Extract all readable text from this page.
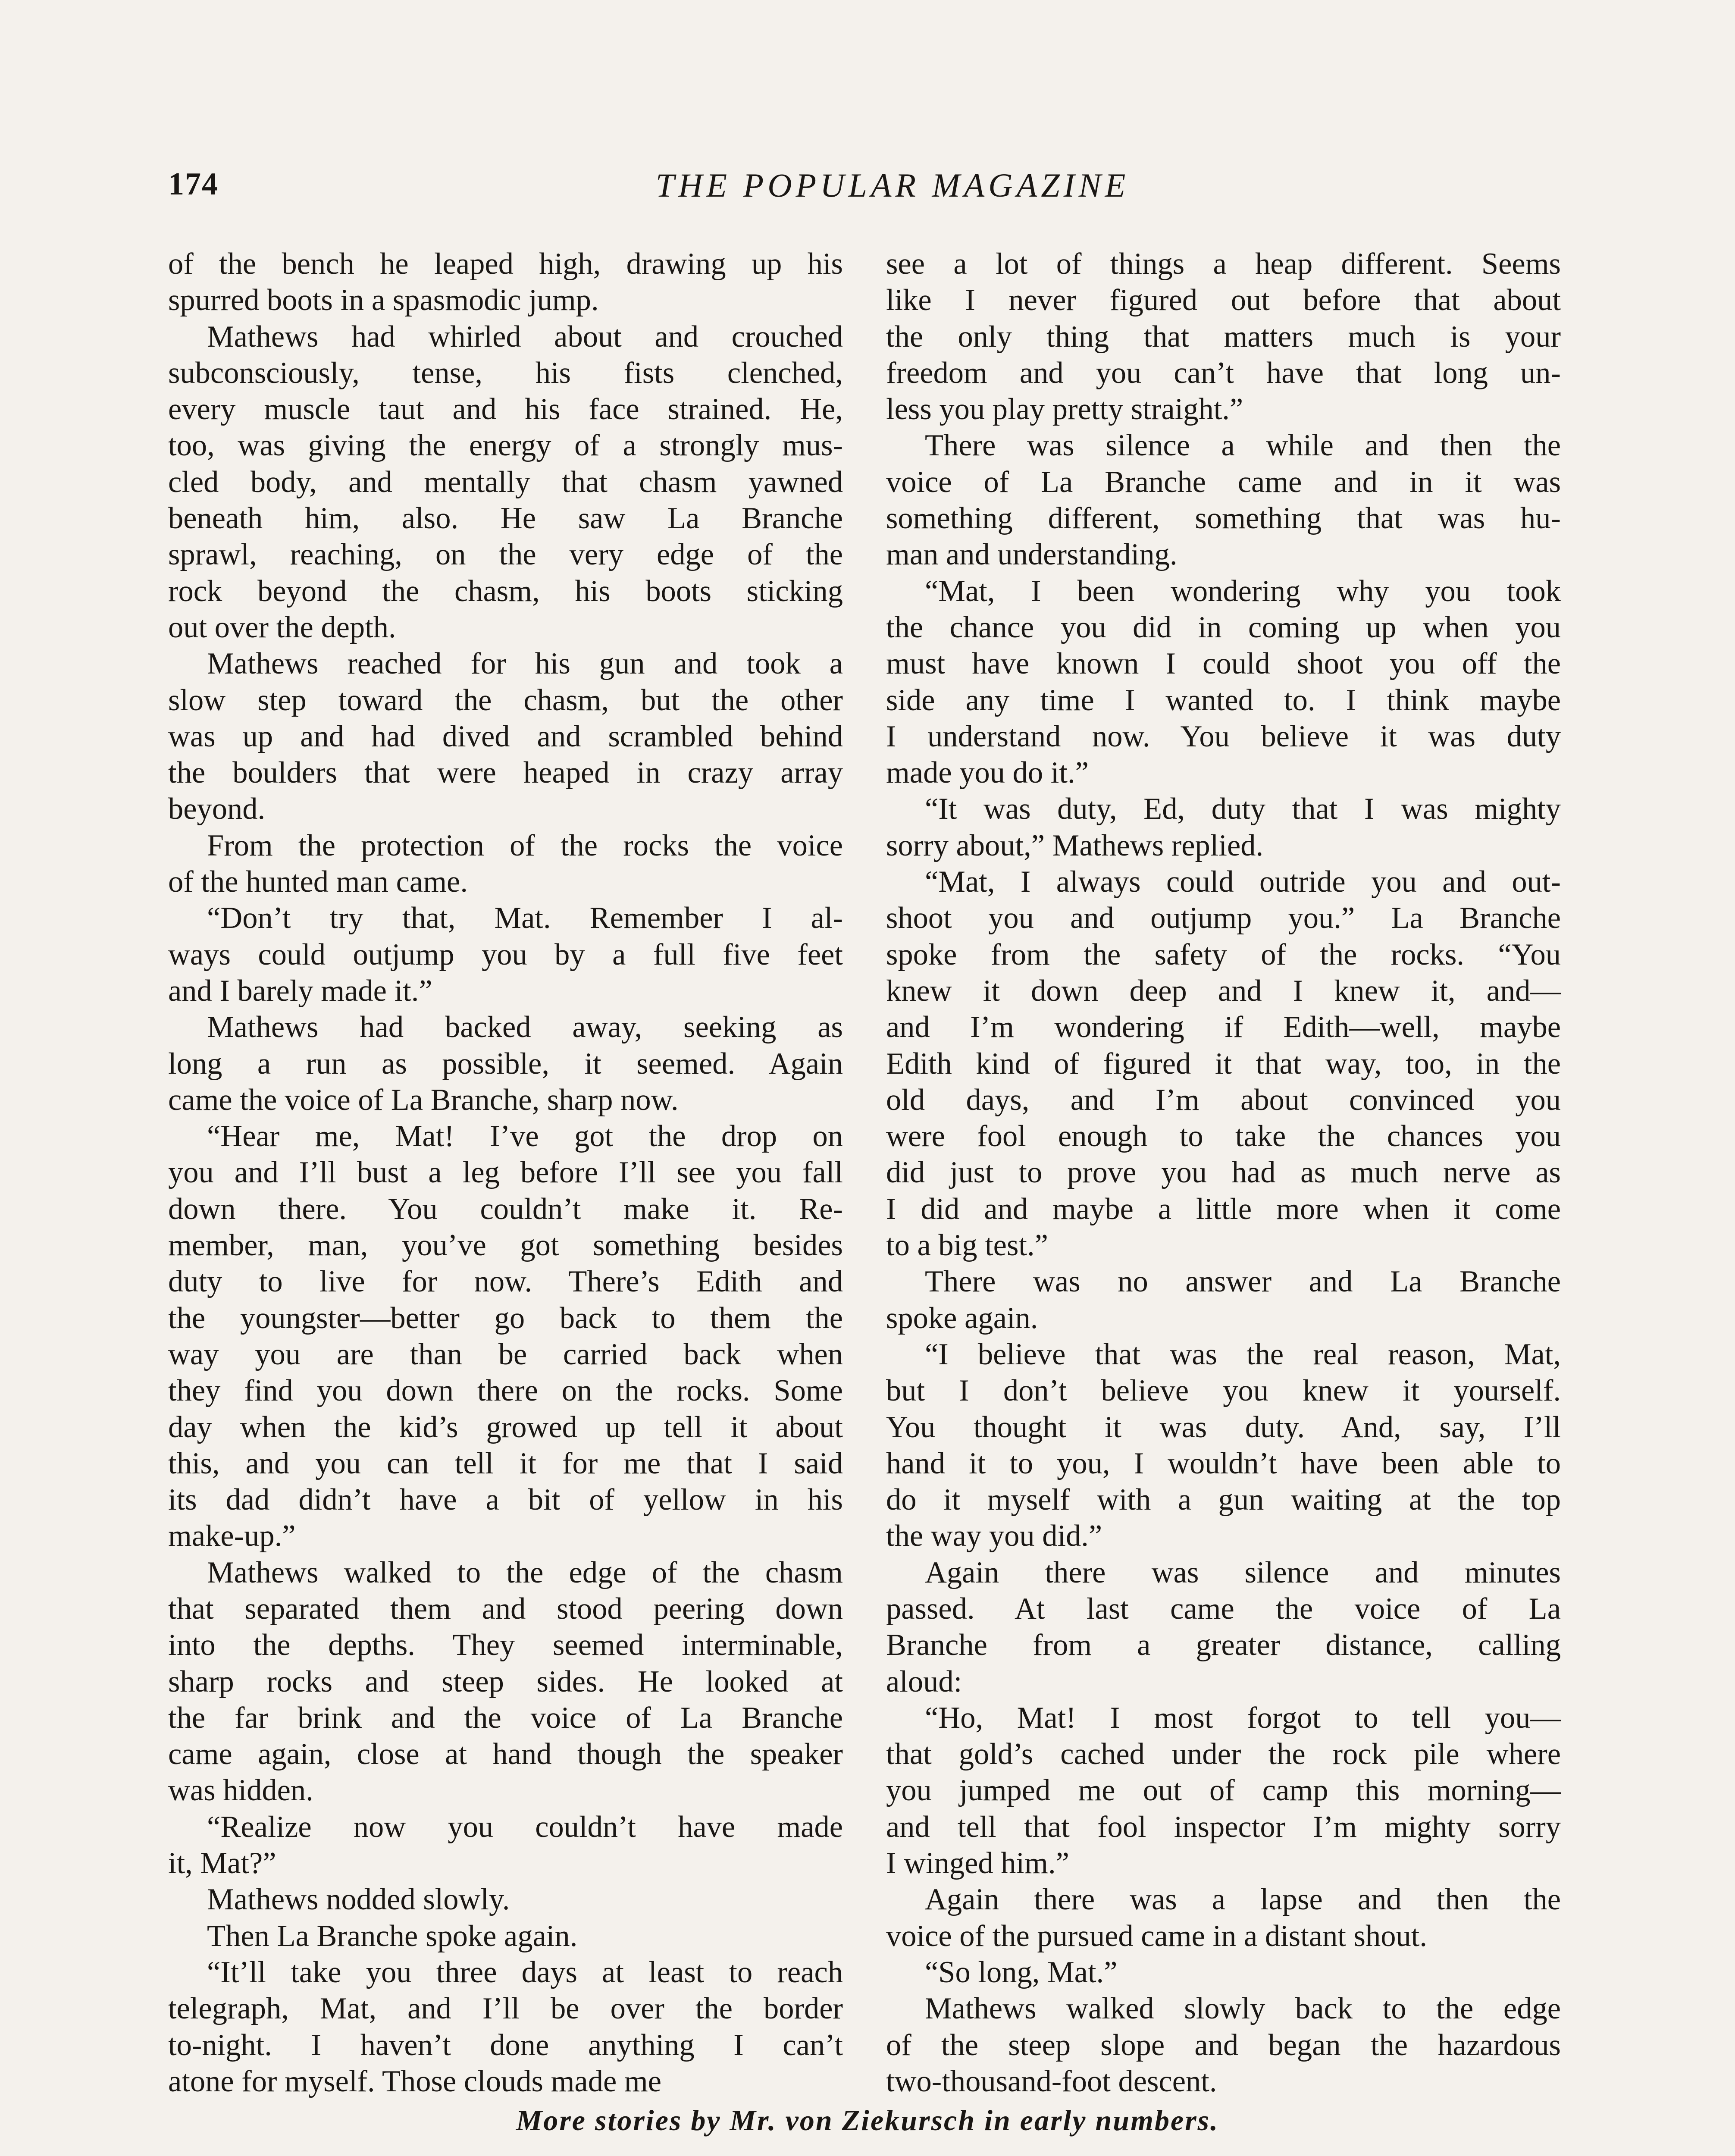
174	THE POPULAR MAGAZINE
of the bench he leaped high, drawing up his
spurred boots in a spasmodic jump.
Mathews had whirled about and crouched
subconsciously, tense, his fists clenched,
every muscle taut and his face strained. He,
too, was giving the energy of a strongly mus-
cled body, and mentally that chasm yawned
beneath him, also. He saw La Branche
sprawl, reaching, on the very edge of the
rock beyond the chasm, his boots sticking
out over the depth.
Mathews reached for his gun and took a
slow step toward the chasm, but the other
was up and had dived and scrambled behind
the boulders that were heaped in crazy array
beyond.
From the protection of the rocks the voice
of the hunted man came.
“Don’t try that, Mat. Remember I al-
ways could outjump you by a full five feet
and I barely made it.”
Mathews had backed away, seeking as
long a run as possible, it seemed. Again
came the voice of La Branche, sharp now.
“Hear me, Mat! I’ve got the drop on
you and I’ll bust a leg before I’ll see you fall
down there. You couldn’t make it. Re-
member, man, you’ve got something besides
duty to live for now. There’s Edith and
the youngster—better go back to them the
way you are than be carried back when
they find you down there on the rocks. Some
day when the kid’s growed up tell it about
this, and you can tell it for me that I said
its dad didn’t have a bit of yellow in his
make-up.”
Mathews walked to the edge of the chasm
that separated them and stood peering down
into the depths. They seemed interminable,
sharp rocks and steep sides. He looked at
the far brink and the voice of La Branche
came again, close at hand though the speaker
was hidden.
“Realize now you couldn’t have made
it, Mat?”
Mathews nodded slowly.
Then La Branche spoke again.
“It’ll take you three days at least to reach
telegraph, Mat, and I’ll be over the border
to-night. I haven’t done anything I can’t
atone for myself. Those clouds made me
see a lot of things a heap different. Seems
like I never figured out before that about
the only thing that matters much is your
freedom and you can’t have that long un-
less you play pretty straight.”
There was silence a while and then the
voice of La Branche came and in it was
something different, something that was hu-
man and understanding.
“Mat, I been wondering why you took
the chance you did in coming up when you
must have known I could shoot you off the
side any time I wanted to. I think maybe
I understand now. You believe it was duty
made you do it.”
“It was duty, Ed, duty that I was mighty
sorry about,” Mathews replied.
“Mat, I always could outride you and out-
shoot you and outjump you.” La Branche
spoke from the safety of the rocks. “You
knew it down deep and I knew it, and—
and I’m wondering if Edith—well, maybe
Edith kind of figured it that way, too, in the
old days, and I’m about convinced you
were fool enough to take the chances you
did just to prove you had as much nerve as
I did and maybe a little more when it come
to a big test.”
There was no answer and La Branche
spoke again.
“I believe that was the real reason, Mat,
but I don’t believe you knew it yourself.
You thought it was duty. And, say, I’ll
hand it to you, I wouldn’t have been able to
do it myself with a gun waiting at the top
the way you did.”
Again there was silence and minutes
passed. At last came the voice of La
Branche from a greater distance, calling
aloud:
“Ho, Mat! I most forgot to tell you—
that gold’s cached under the rock pile where
you jumped me out of camp this morning—
and tell that fool inspector I’m mighty sorry
I winged him.”
Again there was a lapse and then the
voice of the pursued came in a distant shout.
“So long, Mat.”
Mathews walked slowly back to the edge
of the steep slope and began the hazardous
two-thousand-foot descent.
More stories by Mr. von Ziekursch in early numbers.
